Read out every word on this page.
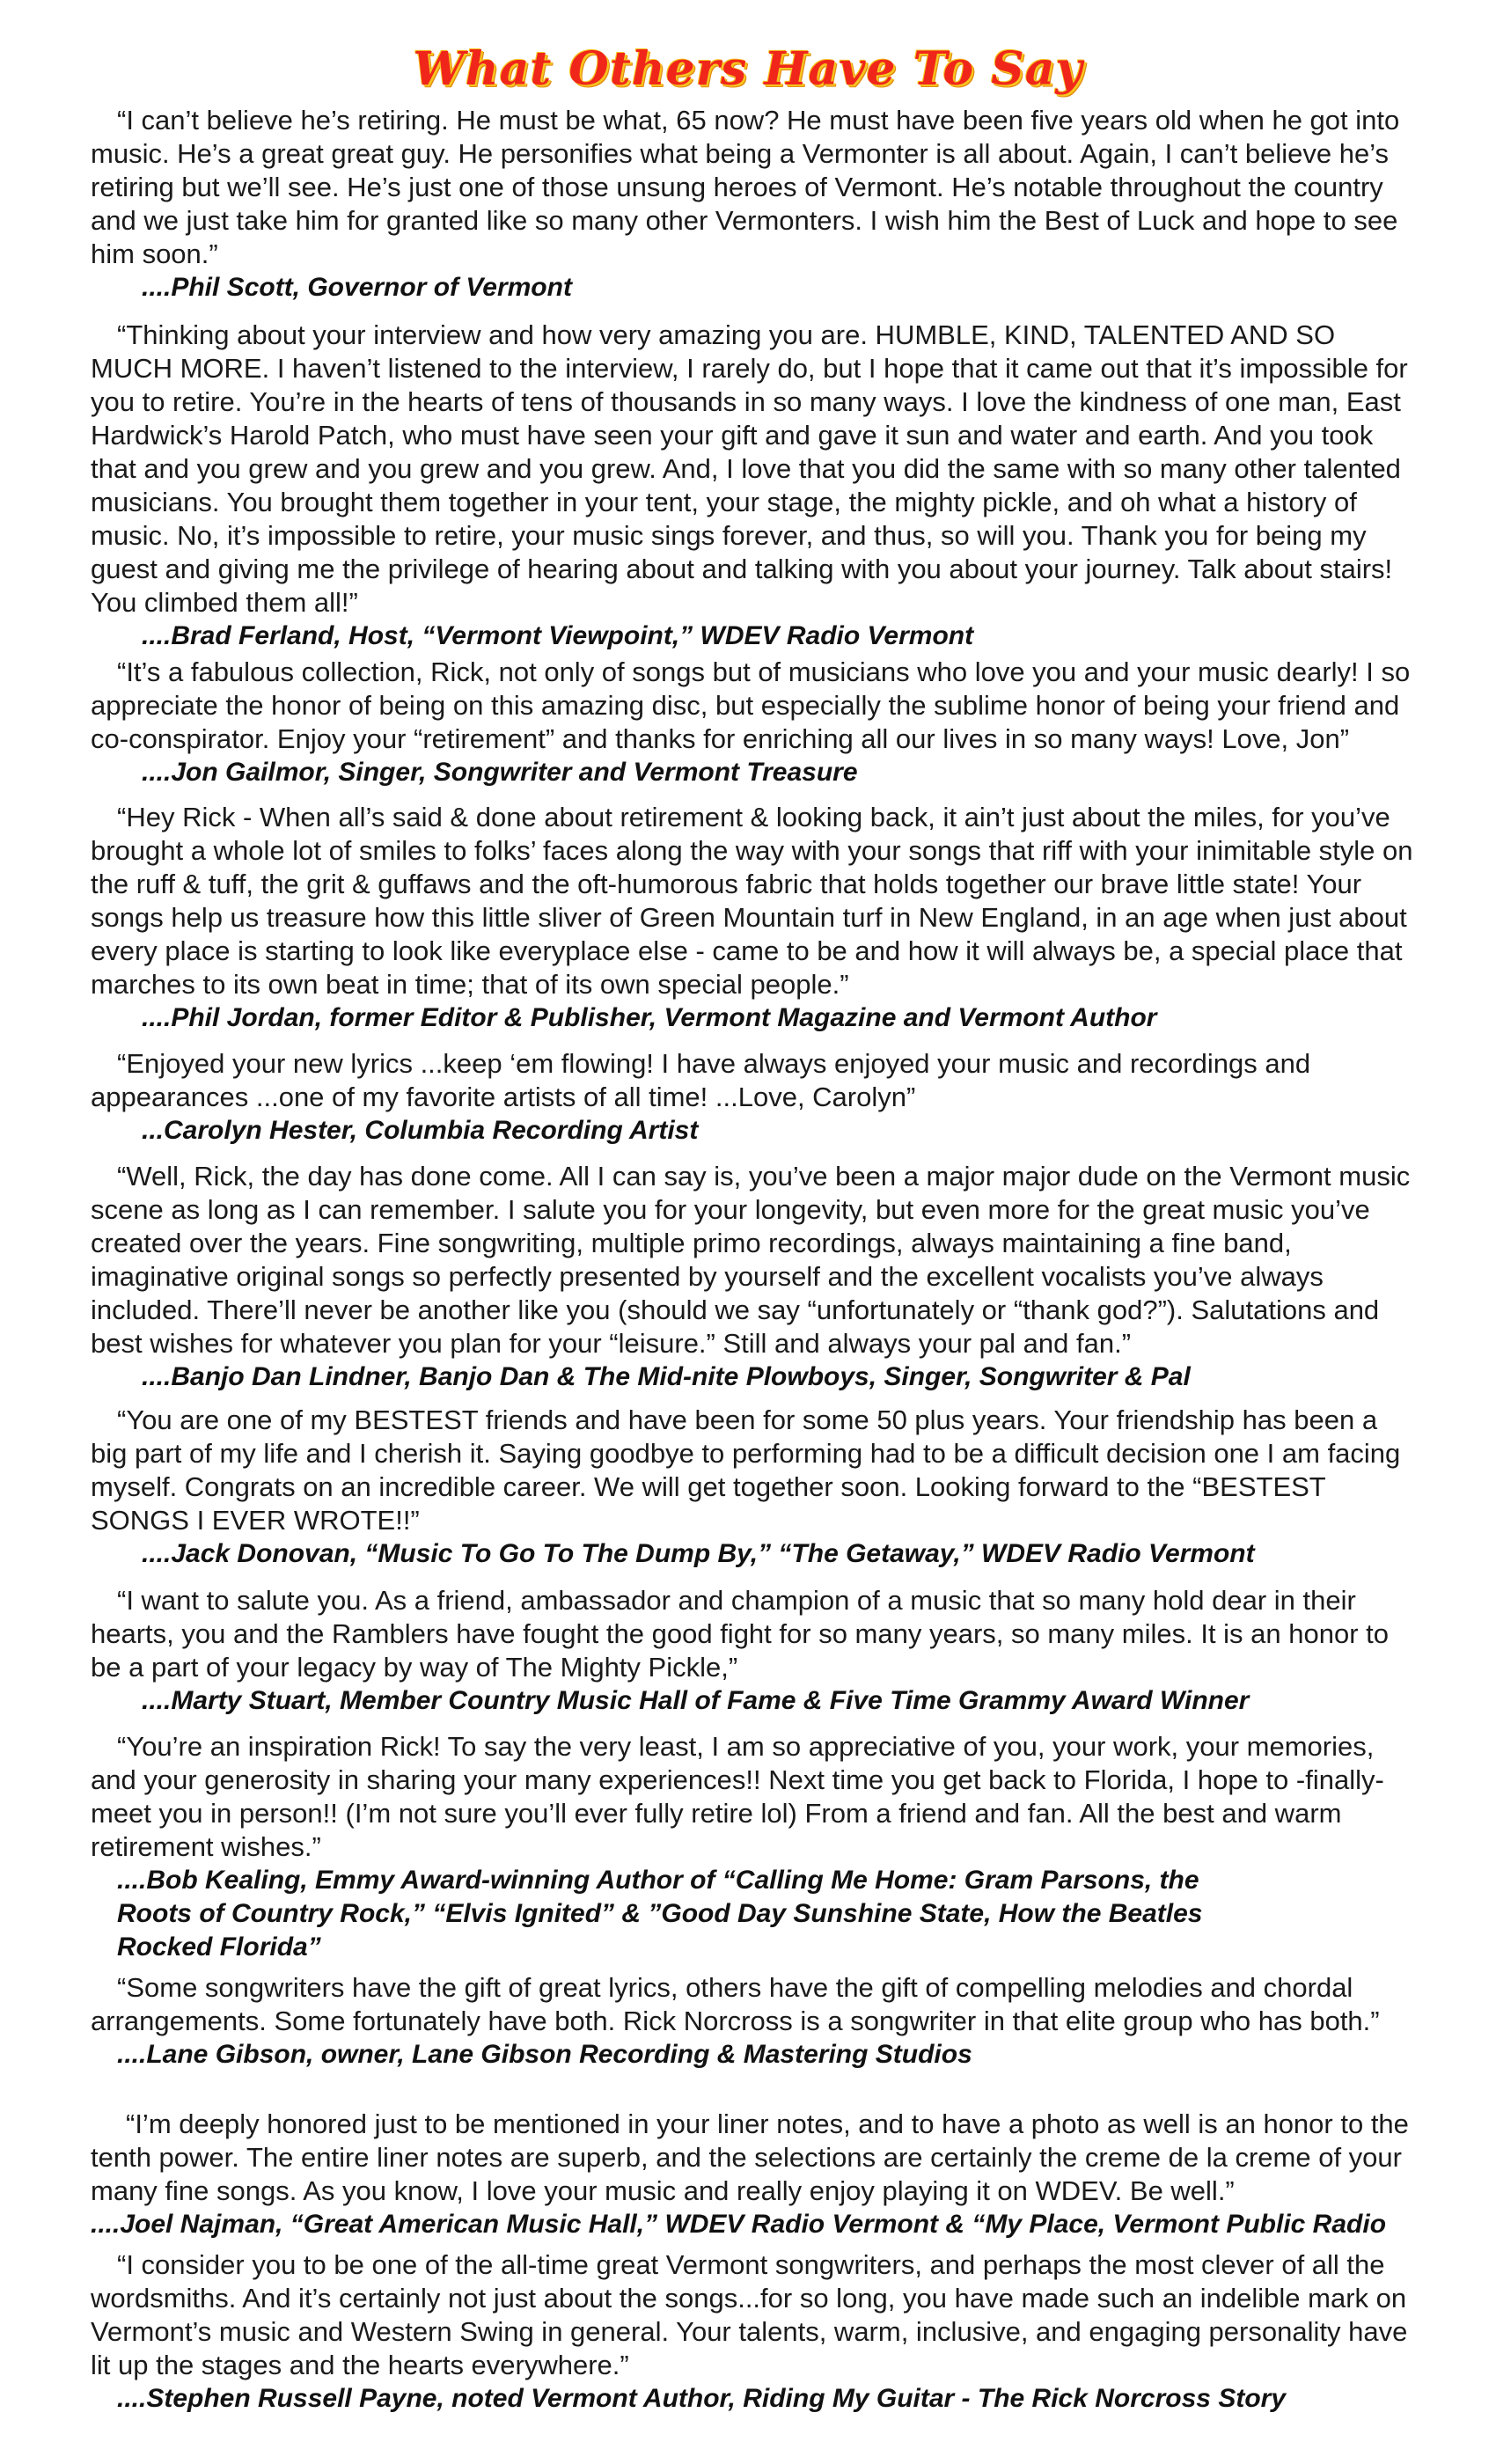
What Others Have To Say

“I can’t believe he’s retiring. He must be what, 65 now? He must have been five years old when he got into music. He’s a great great guy. He personifies what being a Vermonter is all about. Again, I can’t believe he’s retiring but we’ll see. He’s just one of those unsung heroes of Vermont. He’s notable throughout the country and we just take him for granted like so many other Vermonters. I wish him the Best of Luck and hope to see him soon.”

....Phil Scott, Governor of Vermont

“Thinking about your interview and how very amazing you are. HUMBLE, KIND, TALENTED AND SO MUCH MORE. I haven’t listened to the interview, I rarely do, but I hope that it came out that it’s impossible for you to retire. You’re in the hearts of tens of thousands in so many ways. I love the kindness of one man, East Hardwick’s Harold Patch, who must have seen your gift and gave it sun and water and earth. And you took that and you grew and you grew and you grew. And, I love that you did the same with so many other talented musicians. You brought them together in your tent, your stage, the mighty pickle, and oh what a history of music. No, it’s impossible to retire, your music sings forever, and thus, so will you. Thank you for being my guest and giving me the privilege of hearing about and talking with you about your journey. Talk about stairs! You climbed them all!”

....Brad Ferland, Host, “Vermont Viewpoint,” WDEV Radio Vermont

“It’s a fabulous collection, Rick, not only of songs but of musicians who love you and your music dearly! I so appreciate the honor of being on this amazing disc, but especially the sublime honor of being your friend and co-conspirator. Enjoy your “retirement” and thanks for enriching all our lives in so many ways! Love, Jon”

....Jon Gailmor, Singer, Songwriter and Vermont Treasure

“Hey Rick - When all’s said & done about retirement & looking back, it ain’t just about the miles, for you’ve brought a whole lot of smiles to folks’ faces along the way with your songs that riff with your inimitable style on the ruff & tuff, the grit & guffaws and the oft-humorous fabric that holds together our brave little state! Your songs help us treasure how this little sliver of Green Mountain turf in New England, in an age when just about every place is starting to look like everyplace else - came to be and how it will always be, a special place that marches to its own beat in time; that of its own special people.”

....Phil Jordan, former Editor & Publisher, Vermont Magazine and Vermont Author

“Enjoyed your new lyrics ...keep ‘em flowing! I have always enjoyed your music and recordings and appearances ...one of my favorite artists of all time! ...Love, Carolyn”

...Carolyn Hester, Columbia Recording Artist

“Well, Rick, the day has done come. All I can say is, you’ve been a major major dude on the Vermont music scene as long as I can remember. I salute you for your longevity, but even more for the great music you’ve created over the years. Fine songwriting, multiple primo recordings, always maintaining a fine band, imaginative original songs so perfectly presented by yourself and the excellent vocalists you’ve always included. There’ll never be another like you (should we say “unfortunately or “thank god?”). Salutations and best wishes for whatever you plan for your “leisure.” Still and always your pal and fan.”

....Banjo Dan Lindner, Banjo Dan & The Mid-nite Plowboys, Singer, Songwriter & Pal

“You are one of my BESTEST friends and have been for some 50 plus years. Your friendship has been a big part of my life and I cherish it. Saying goodbye to performing had to be a difficult decision one I am facing myself. Congrats on an incredible career. We will get together soon. Looking forward to the “BESTEST SONGS I EVER WROTE!!”

....Jack Donovan, “Music To Go To The Dump By,” “The Getaway,” WDEV Radio Vermont

“I want to salute you. As a friend, ambassador and champion of a music that so many hold dear in their hearts, you and the Ramblers have fought the good fight for so many years, so many miles. It is an honor to be a part of your legacy by way of The Mighty Pickle,”

....Marty Stuart, Member Country Music Hall of Fame & Five Time Grammy Award Winner

“You’re an inspiration Rick! To say the very least, I am so appreciative of you, your work, your memories, and your generosity in sharing your many experiences!! Next time you get back to Florida, I hope to -finally-meet you in person!! (I’m not sure you’ll ever fully retire lol) From a friend and fan. All the best and warm retirement wishes.”

....Bob Kealing, Emmy Award-winning Author of “Calling Me Home: Gram Parsons, the
Roots of Country Rock,” “Elvis Ignited” & ”Good Day Sunshine State, How the Beatles
Rocked Florida”

“Some songwriters have the gift of great lyrics, others have the gift of compelling melodies and chordal arrangements. Some fortunately have both. Rick Norcross is a songwriter in that elite group who has both.”

....Lane Gibson, owner, Lane Gibson Recording & Mastering Studios

“I’m deeply honored just to be mentioned in your liner notes, and to have a photo as well is an honor to the tenth power. The entire liner notes are superb, and the selections are certainly the creme de la creme of your many fine songs. As you know, I love your music and really enjoy playing it on WDEV. Be well.”

....Joel Najman, “Great American Music Hall,” WDEV Radio Vermont & “My Place, Vermont Public Radio

“I consider you to be one of the all-time great Vermont songwriters, and perhaps the most clever of all the wordsmiths. And it’s certainly not just about the songs...for so long, you have made such an indelible mark on Vermont’s music and Western Swing in general. Your talents, warm, inclusive, and engaging personality have lit up the stages and the hearts everywhere.”

....Stephen Russell Payne, noted Vermont Author, Riding My Guitar - The Rick Norcross Story
